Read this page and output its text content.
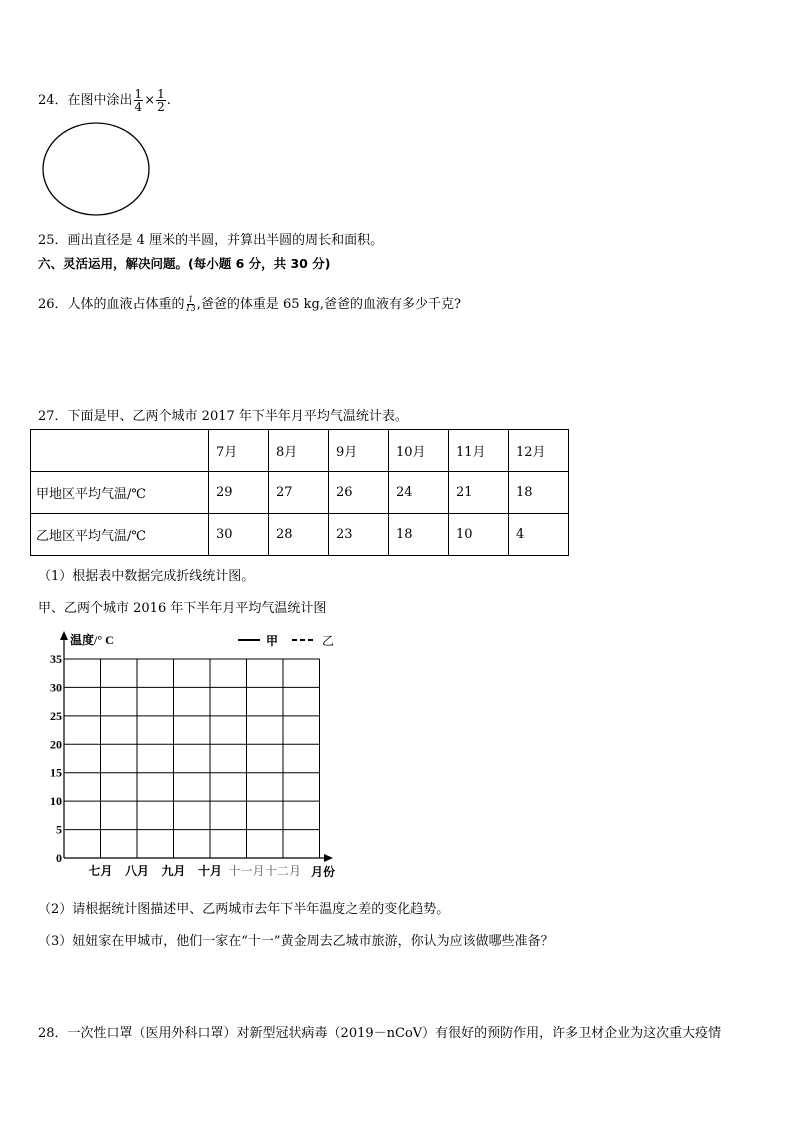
24．在图中涂出 $\frac{1}{4} \times \frac{1}{2}$ .
25．画出直径是 4 厘米的半圆，并算出半圆的周长和面积。
六、灵活运用，解决问题。(每小题 6 分，共 30 分)
26．人体的血液占体重的 $\frac{1}{13}$ ,爸爸的体重是 65 kg,爸爸的血液有多少千克?
27．下面是甲、乙两个城市 2017 年下半年月平均气温统计表。
	7月	8月	9月	10月	11月	12月
甲地区平均气温/℃	29	27	26	24	21	18
乙地区平均气温/℃	30	28	23	18	10	4
（1）根据表中数据完成折线统计图。
甲、乙两个城市 2016 年下半年月平均气温统计图
0
5
10
15
20
25
30
35
七月 八月 九月 十月 十一月 十二月 月份
温度/° C	甲	乙
（2）请根据统计图描述甲、乙两城市去年下半年温度之差的变化趋势。
（3）妞妞家在甲城市，他们一家在“十一”黄金周去乙城市旅游，你认为应该做哪些准备？
28．一次性口罩（医用外科口罩）对新型冠状病毒（2019－nCoV）有很好的预防作用，许多卫材企业为这次重大疫情
